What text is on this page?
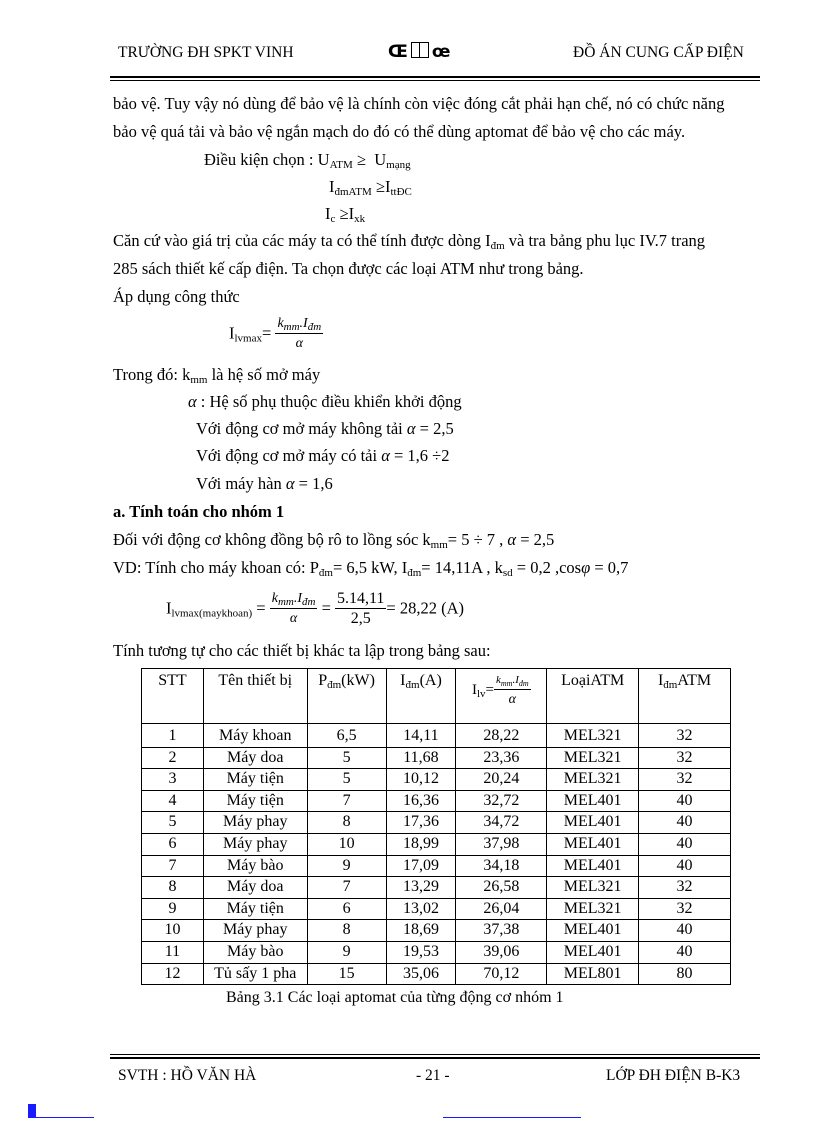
TRƯỜNG ĐH SPKT VINH	Œ œ	ĐỒ ÁN CUNG CẤP ĐIỆN
bảo vệ. Tuy vậy nó dùng để bảo vệ là chính còn việc đóng cắt phải hạn chế, nó có chức năng
bảo vệ quá tải và bảo vệ ngắn mạch do đó có thể dùng aptomat để bảo vệ cho các máy.
Điều kiện chọn : $U_{ATM} \ge U_{mạng}$
$I_{đmATM} \ge I_{ttĐC}$
$I_c \ge I_{xk}$
Căn cứ vào giá trị của các máy ta có thể tính được dòng $I_{đm}$ và tra bảng phu lục IV.7 trang
285 sách thiết kế cấp điện. Ta chọn được các loại ATM như trong bảng.
Áp dụng công thức
$I_{lvmax}= \frac{k_{mm}.I_{đm}}{\alpha}$
Trong đó: $k_{mm}$ là hệ số mở máy
α : Hệ số phụ thuộc điều khiển khởi động
Với động cơ mở máy không tải α = 2,5
Với động cơ mở máy có tải α = 1,6 ÷2
Với máy hàn α = 1,6
a. Tính toán cho nhóm 1
Đối với động cơ không đồng bộ rô to lồng sóc $k_{mm}= 5 \div 7$ , α = 2,5
VD: Tính cho máy khoan có: $P_{đm}= 6,5$ kW, $I_{đm}= 14,11A$ , $k_{sd} = 0,2$ ,cosφ = 0,7
$I_{lvmax(maykhoan)} = \frac{k_{mm}.I_{đm}}{\alpha} = \frac{5.14,11}{2,5} = 28,22$ (A)
Tính tương tự cho các thiết bị khác ta lập trong bảng sau:
STT	Tên thiết bị	$P_{đm}(kW)$	$I_{đm}(A)$	$I_{lv}= \frac{k_{mm}.I_{đm}}{\alpha}$	LoạiATM	$I_{đm}ATM$
1	Máy khoan	6,5	14,11	28,22	MEL321	32
2	Máy doa	5	11,68	23,36	MEL321	32
3	Máy tiện	5	10,12	20,24	MEL321	32
4	Máy tiện	7	16,36	32,72	MEL401	40
5	Máy phay	8	17,36	34,72	MEL401	40
6	Máy phay	10	18,99	37,98	MEL401	40
7	Máy bào	9	17,09	34,18	MEL401	40
8	Máy doa	7	13,29	26,58	MEL321	32
9	Máy tiện	6	13,02	26,04	MEL321	32
10	Máy phay	8	18,69	37,38	MEL401	40
11	Máy bào	9	19,53	39,06	MEL401	40
12	Tủ sấy 1 pha	15	35,06	70,12	MEL801	80
Bảng 3.1 Các loại aptomat của từng động cơ nhóm 1
SVTH : HỒ VĂN HÀ	- 21 -	LỚP ĐH ĐIỆN B-K3
